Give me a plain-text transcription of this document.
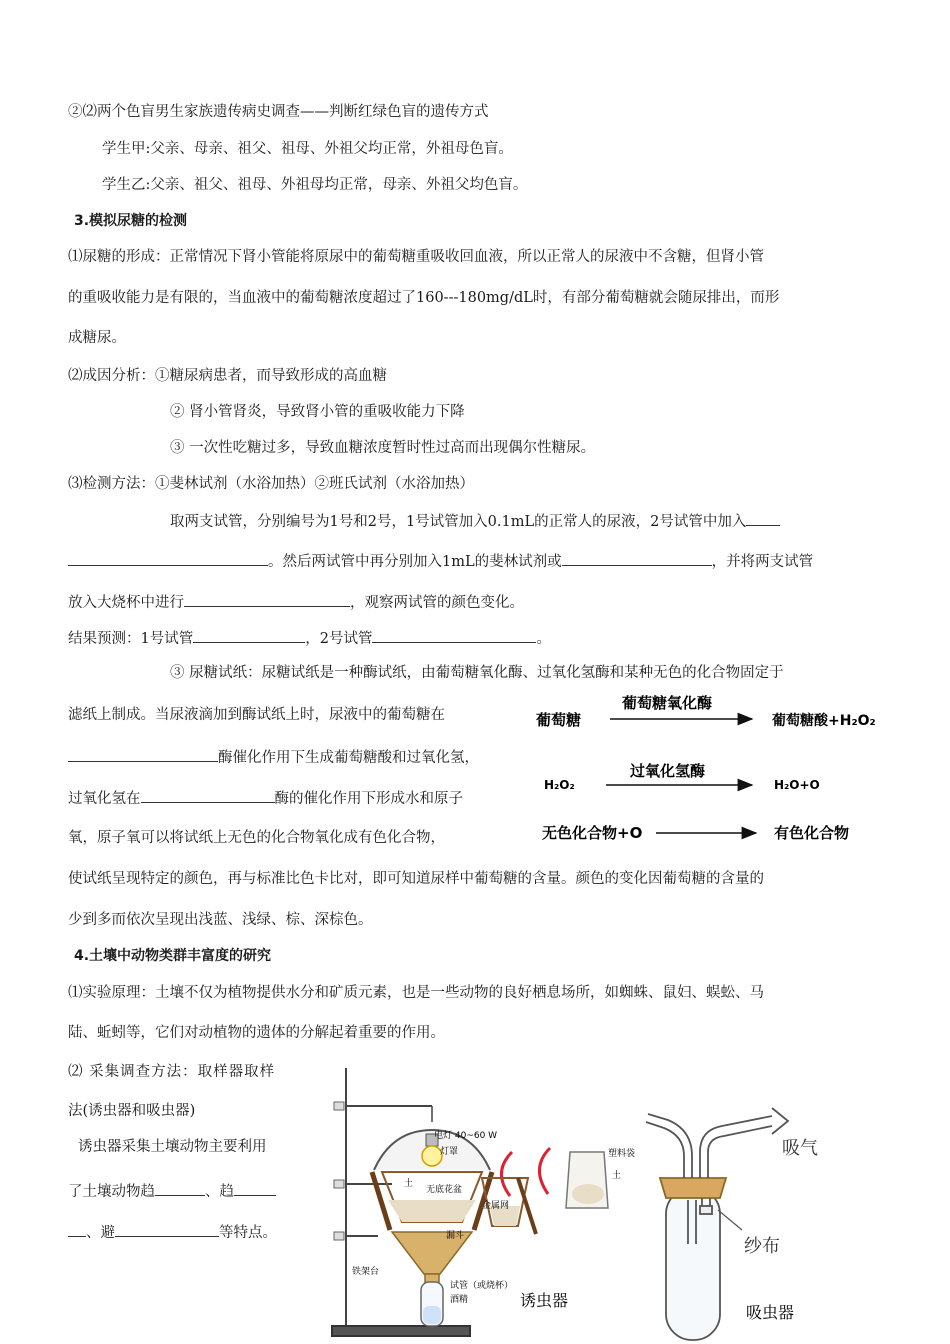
②⑵两个色盲男生家族遗传病史调查——判断红绿色盲的遗传方式
学生甲:父亲、母亲、祖父、祖母、外祖父均正常，外祖母色盲。
学生乙:父亲、祖父、祖母、外祖母均正常，母亲、外祖父均色盲。
3.模拟尿糖的检测
⑴尿糖的形成：正常情况下肾小管能将原尿中的葡萄糖重吸收回血液，所以正常人的尿液中不含糖，但肾小管
的重吸收能力是有限的，当血液中的葡萄糖浓度超过了160---180mg/dL时，有部分葡萄糖就会随尿排出，而形
成糖尿。
⑵成因分析：①糖尿病患者，而导致形成的高血糖
② 肾小管肾炎，导致肾小管的重吸收能力下降
③ 一次性吃糖过多，导致血糖浓度暂时性过高而出现偶尔性糖尿。
⑶检测方法：①斐林试剂（水浴加热）②班氏试剂（水浴加热）
取两支试管，分别编号为1号和2号，1号试管加入0.1mL的正常人的尿液，2号试管中加入
。然后两试管中再分别加入1mL的斐林试剂或	，并将两支试管
放入大烧杯中进行	，观察两试管的颜色变化。
结果预测：1号试管	，2号试管	。
③ 尿糖试纸：尿糖试纸是一种酶试纸，由葡萄糖氧化酶、过氧化氢酶和某种无色的化合物固定于
滤纸上制成。当尿液滴加到酶试纸上时，尿液中的葡萄糖在
酶催化作用下生成葡萄糖酸和过氧化氢，
过氧化氢在	酶的催化作用下形成水和原子
氧，原子氧可以将试纸上无色的化合物氧化成有色化合物，
使试纸呈现特定的颜色，再与标准比色卡比对，即可知道尿样中葡萄糖的含量。颜色的变化因葡萄糖的含量的
少到多而依次呈现出浅蓝、浅绿、棕、深棕色。
葡萄糖
葡萄糖氧化酶
葡萄糖酸+H₂O₂
H₂O₂
过氧化氢酶
H₂O+O
无色化合物+O	有色化合物
4.土壤中动物类群丰富度的研究
⑴实验原理：土壤不仅为植物提供水分和矿质元素，也是一些动物的良好栖息场所，如蜘蛛、鼠妇、蜈蚣、马
陆、蚯蚓等，它们对动植物的遗体的分解起着重要的作用。
⑵ 采集调查方法：取样器取样
法(诱虫器和吸虫器)
诱虫器采集土壤动物主要利用
了土壤动物趋	、趋
、避	等特点。
电灯 40~60 W
灯罩
土
无底花盆
金属网
塑料袋
土
漏斗
铁架台
试管（或烧杯）
酒精	诱虫器
吸气
纱布
吸虫器
